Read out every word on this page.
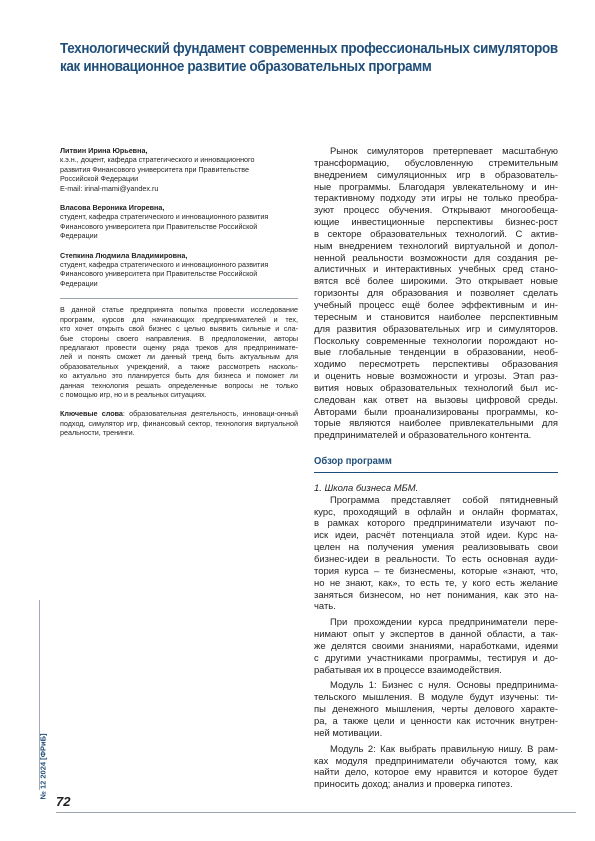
Технологический фундамент современных профессиональных симуляторов
как инновационное развитие образовательных программ
Литвин Ирина Юрьевна,
к.э.н., доцент, кафедра стратегического и инновационного
развития Финансового университета при Правительстве
Российской Федерации
E-mail: irinal-mami@yandex.ru
Власова Вероника Игоревна,
студент, кафедра стратегического и инновационного развития
Финансового университета при Правительстве Российской
Федерации
Степкина Людмила Владимировна,
студент, кафедра стратегического и инновационного развития
Финансового университета при Правительстве Российской
Федерации
В данной статье предпринята попытка провести исследование
программ, курсов для начинающих предпринимателей и тех,
кто хочет открыть свой бизнес с целью выявить сильные и сла-
бые стороны своего направления. В предположении, авторы
предлагают провести оценку ряда треков для предпринимате-
лей и понять сможет ли данный тренд быть актуальным для
образовательных учреждений, а также рассмотреть насколь-
ко актуально это планируется быть для бизнеса и поможет ли
данная технология решать определенные вопросы не только
с помощью игр, но и в реальных ситуациях.
Ключевые слова: образовательная деятельность, инноваци-онный подход, симулятор игр, финансовый сектор, технология виртуальной реальности, тренинги.
Рынок симуляторов претерпевает масштабную
трансформацию, обусловленную стремительным
внедрением симуляционных игр в образователь-
ные программы. Благодаря увлекательному и ин-
терактивному подходу эти игры не только преобра-
зуют процесс обучения. Открывают многообеща-
ющие инвестиционные перспективы бизнес-рост
в секторе образовательных технологий. С актив-
ным внедрением технологий виртуальной и допол-
ненной реальности возможности для создания ре-
алистичных и интерактивных учебных сред стано-
вятся всё более широкими. Это открывает новые
горизонты для образования и позволяет сделать
учебный процесс ещё более эффективным и ин-
тересным и становится наиболее перспективным
для развития образовательных игр и симуляторов.
Поскольку современные технологии порождают но-
вые глобальные тенденции в образовании, необ-
ходимо пересмотреть перспективы образования
и оценить новые возможности и угрозы. Этап раз-
вития новых образовательных технологий был ис-
следован как ответ на вызовы цифровой среды.
Авторами были проанализированы программы, ко-
торые являются наиболее привлекательными для
предпринимателей и образовательного контента.
Обзор программ
1. Школа бизнеса МБМ.
Программа представляет собой пятидневный
курс, проходящий в офлайн и онлайн форматах,
в рамках которого предприниматели изучают по-
иск идеи, расчёт потенциала этой идеи. Курс на-
целен на получения умения реализовывать свои
бизнес-идеи в реальности. То есть основная ауди-
тория курса – те бизнесмены, которые «знают, что,
но не знают, как», то есть те, у кого есть желание
заняться бизнесом, но нет понимания, как это на-
чать.
При прохождении курса предприниматели пере-
нимают опыт у экспертов в данной области, а так-
же делятся своими знаниями, наработками, идеями
с другими участниками программы, тестируя и до-
рабатывая их в процессе взаимодействия.
Модуль 1: Бизнес с нуля. Основы предпринима-
тельского мышления. В модуле будут изучены: ти-
пы денежного мышления, черты делового характе-
ра, а также цели и ценности как источник внутрен-
ней мотивации.
Модуль 2: Как выбрать правильную нишу. В рам-
ках модуля предприниматели обучаются тому, как
найти дело, которое ему нравится и которое будет
приносить доход; анализ и проверка гипотез.
№ 12 2024 [ФРиБ]
72
